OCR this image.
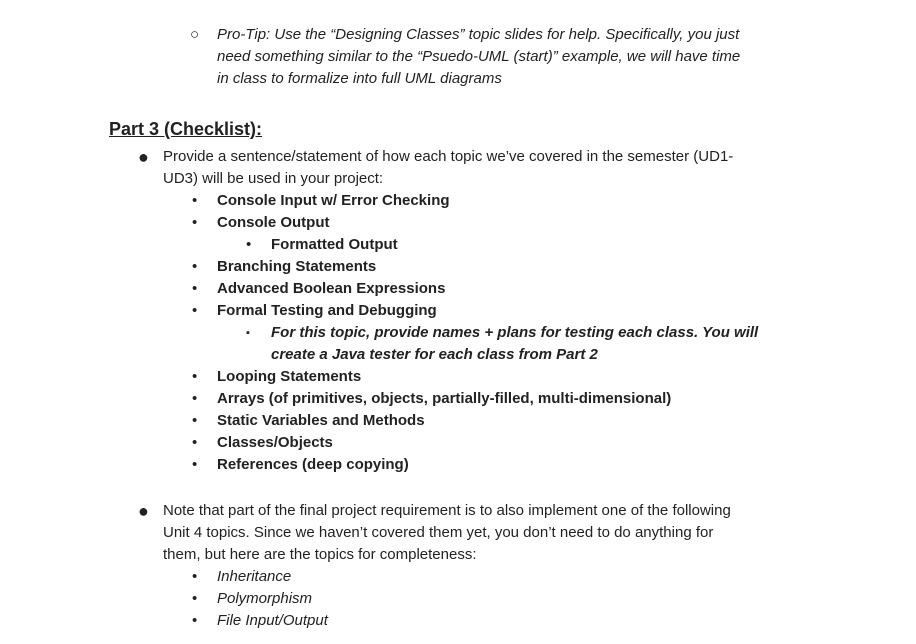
○ Pro-Tip: Use the “Designing Classes” topic slides for help. Specifically, you just
need something similar to the “Psuedo-UML (start)” example, we will have time
in class to formalize into full UML diagrams
Part 3 (Checklist):
● Provide a sentence/statement of how each topic we’ve covered in the semester (UD1-
UD3) will be used in your project:
• Console Input w/ Error Checking
• Console Output
• Formatted Output
• Branching Statements
• Advanced Boolean Expressions
• Formal Testing and Debugging
▪ For this topic, provide names + plans for testing each class. You will
create a Java tester for each class from Part 2
• Looping Statements
• Arrays (of primitives, objects, partially-filled, multi-dimensional)
• Static Variables and Methods
• Classes/Objects
• References (deep copying)
● Note that part of the final project requirement is to also implement one of the following
Unit 4 topics. Since we haven’t covered them yet, you don’t need to do anything for
them, but here are the topics for completeness:
• Inheritance
• Polymorphism
• File Input/Output
